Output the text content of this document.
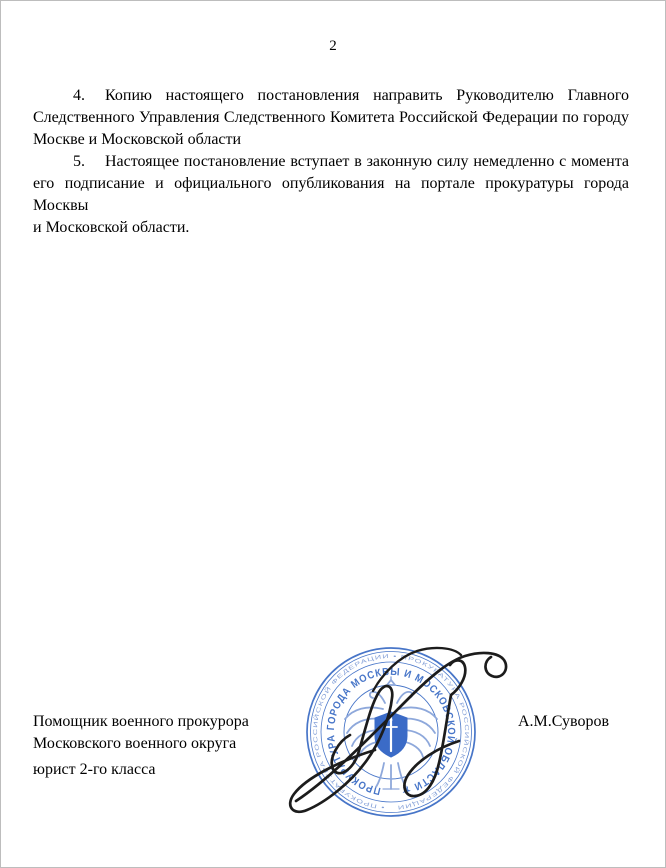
2
4. Копию настоящего постановления направить Руководителю Главного
Следственного Управления Следственного Комитета Российской Федерации по городу
Москве и Московской области
5. Настоящее постановление вступает в законную силу немедленно с момента
его подписание и официального опубликования на портале прокуратуры города Москвы
и Московской области.
Помощник военного прокурора
Московского военного округа
юрист 2-го класса
А.М.Суворов
ПРОКУРАТУРА ГОРОДА МОСКВЫ И МОСКОВСКОЙ ОБЛАСТИ ★
• ПРОКУРАТУРА РОССИЙСКОЙ ФЕДЕРАЦИИ • ПРОКУРАТУРА РОССИЙСКОЙ ФЕДЕРАЦИИ
